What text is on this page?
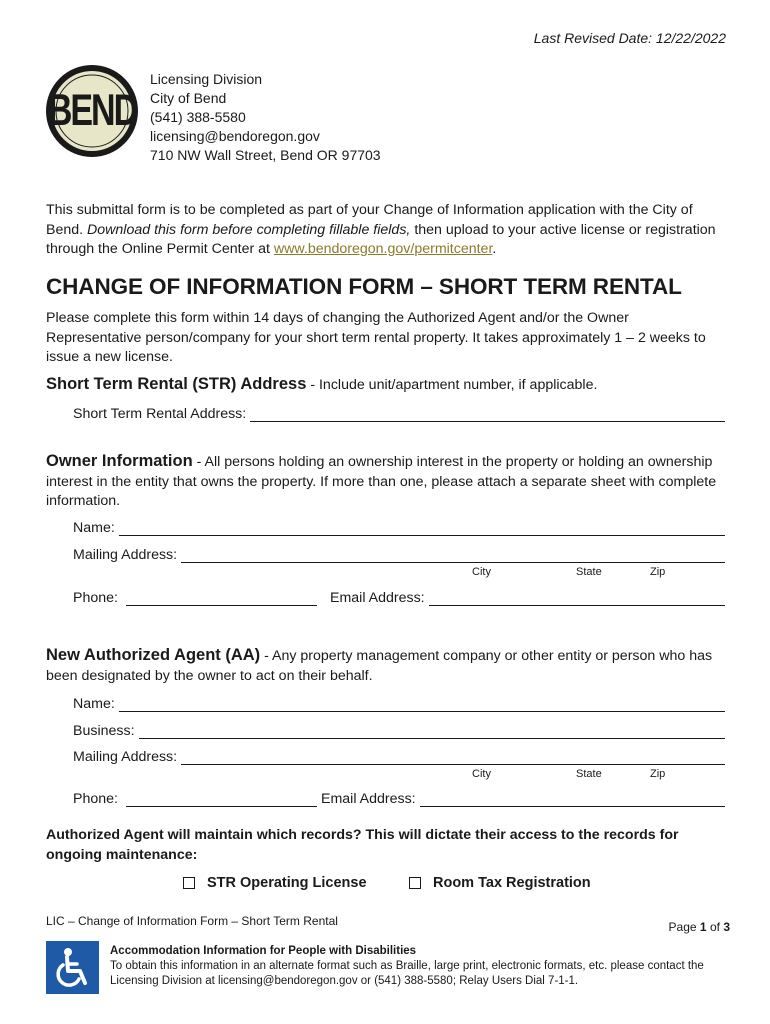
Last Revised Date: 12/22/2022
BEND
Licensing Division
City of Bend
(541) 388-5580
licensing@bendoregon.gov
710 NW Wall Street, Bend OR 97703
This submittal form is to be completed as part of your Change of Information application with the City of Bend. Download this form before completing fillable fields, then upload to your active license or registration through the Online Permit Center at www.bendoregon.gov/permitcenter.
CHANGE OF INFORMATION FORM – SHORT TERM RENTAL
Please complete this form within 14 days of changing the Authorized Agent and/or the Owner Representative person/company for your short term rental property. It takes approximately 1 – 2 weeks to issue a new license.
Short Term Rental (STR) Address - Include unit/apartment number, if applicable.
Short Term Rental Address:
Owner Information - All persons holding an ownership interest in the property or holding an ownership interest in the entity that owns the property. If more than one, please attach a separate sheet with complete information.
Name:
Mailing Address:
City	State	Zip
Phone:	Email Address:
New Authorized Agent (AA) - Any property management company or other entity or person who has been designated by the owner to act on their behalf.
Name:
Business:
Mailing Address:
City	State	Zip
Phone:	Email Address:
Authorized Agent will maintain which records? This will dictate their access to the records for ongoing maintenance:
STR Operating License	Room Tax Registration
LIC – Change of Information Form – Short Term Rental	Page 1 of 3
Accommodation Information for People with Disabilities
To obtain this information in an alternate format such as Braille, large print, electronic formats, etc. please contact the Licensing Division at licensing@bendoregon.gov or (541) 388-5580; Relay Users Dial 7-1-1.
